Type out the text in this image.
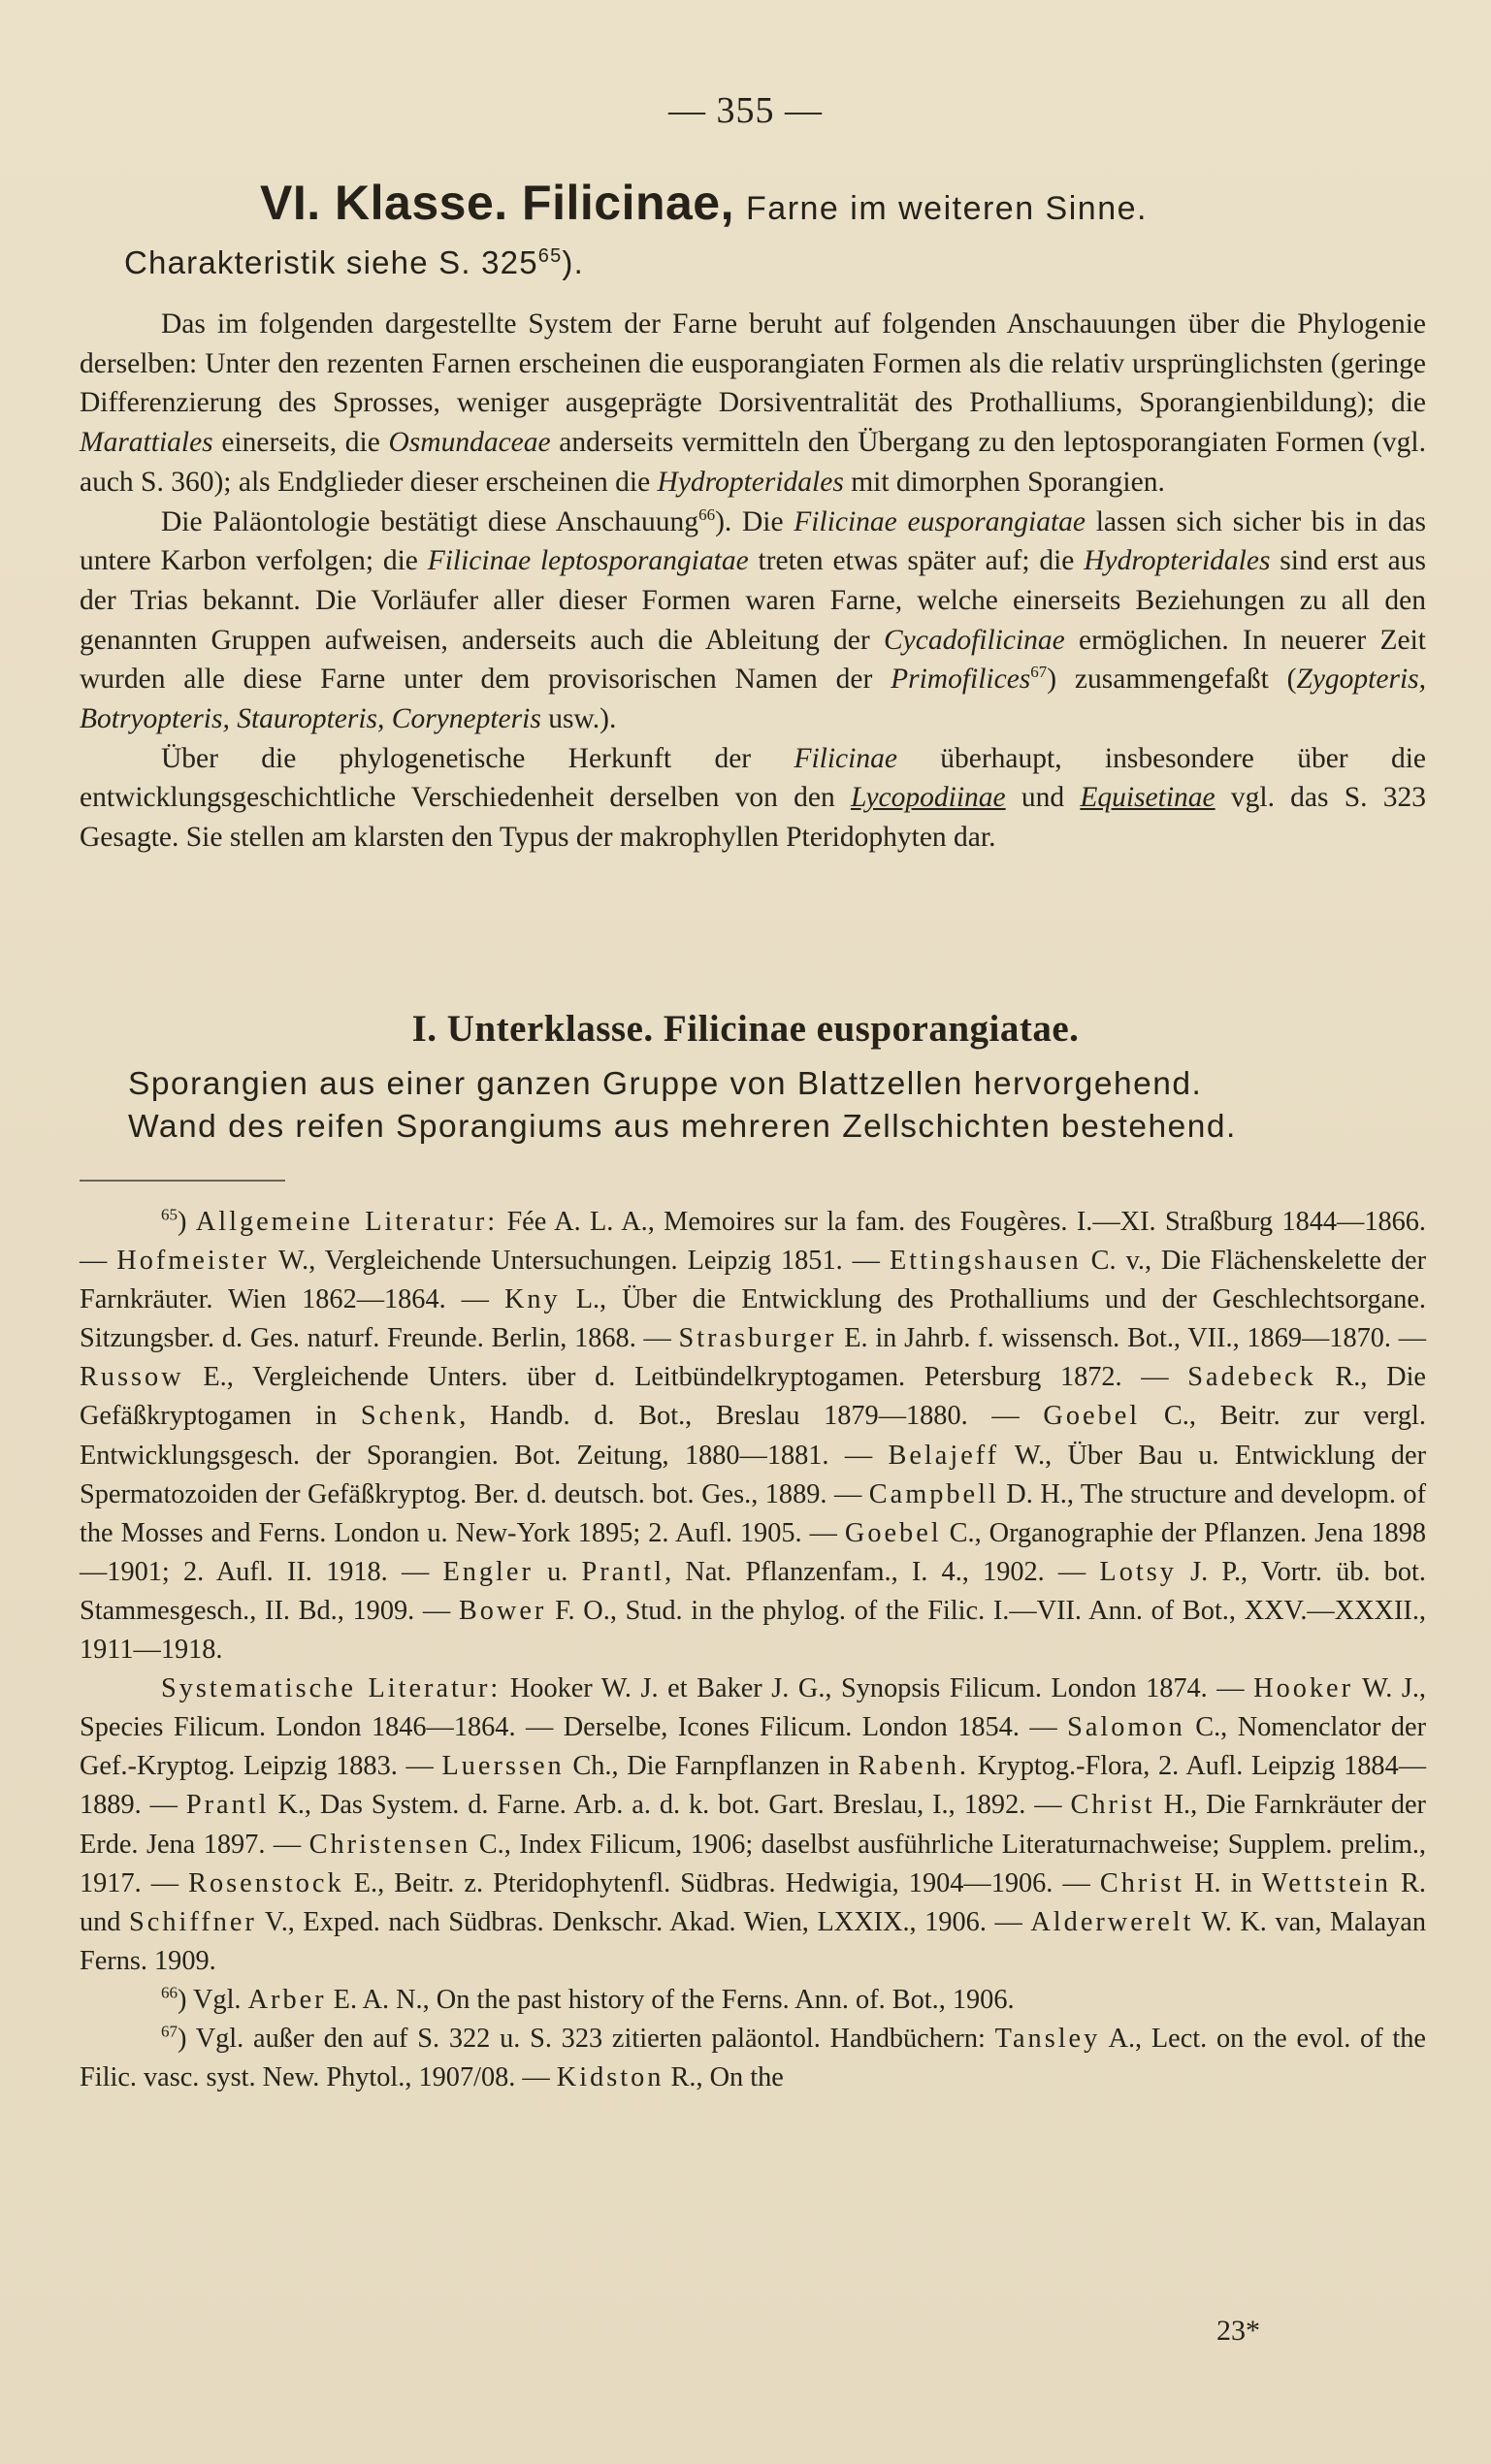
— 355 —
VI. Klasse. Filicinae, Farne im weiteren Sinne.
Charakteristik siehe S. $325^{65}$).

Das im folgenden dargestellte System der Farne beruht auf folgenden Anschauungen über die Phylogenie derselben: Unter den rezenten Farnen erscheinen die eusporangiaten Formen als die relativ ursprünglichsten (geringe Differenzierung des Sprosses, weniger ausgeprägte Dorsiventralität des Prothalliums, Sporangienbildung); die Marattiales einerseits, die Osmundaceae anderseits vermitteln den Übergang zu den leptosporangiaten Formen (vgl. auch S. 360); als Endglieder dieser erscheinen die Hydropteridales mit dimorphen Sporangien.

Die Paläontologie bestätigt diese Anschauung$^{66}$). Die Filicinae eusporangiatae lassen sich sicher bis in das untere Karbon verfolgen; die Filicinae leptosporangiatae treten etwas später auf; die Hydropteridales sind erst aus der Trias bekannt. Die Vorläufer aller dieser Formen waren Farne, welche einerseits Beziehungen zu all den genannten Gruppen aufweisen, anderseits auch die Ableitung der Cycadofilicinae ermöglichen. In neuerer Zeit wurden alle diese Farne unter dem provisorischen Namen der Primofilices$^{67}$) zusammengefaßt (Zygopteris, Botryopteris, Stauropteris, Corynepteris usw.).

Über die phylogenetische Herkunft der Filicinae überhaupt, insbesondere über die entwicklungsgeschichtliche Verschiedenheit derselben von den Lycopodiinae und Equisetinae vgl. das S. 323 Gesagte. Sie stellen am klarsten den Typus der makrophyllen Pteridophyten dar.

I. Unterklasse. Filicinae eusporangiatae.
Sporangien aus einer ganzen Gruppe von Blattzellen hervorgehend.
Wand des reifen Sporangiums aus mehreren Zellschichten bestehend.

$^{65}$) Allgemeine Literatur: Fée A. L. A., Memoires sur la fam. des Fougères. I.—XI. Straßburg 1844—1866. — Hofmeister W., Vergleichende Untersuchungen. Leipzig 1851. — Ettingshausen C. v., Die Flächenskelette der Farnkräuter. Wien 1862—1864. — Kny L., Über die Entwicklung des Prothalliums und der Geschlechtsorgane. Sitzungsber. d. Ges. naturf. Freunde. Berlin, 1868. — Strasburger E. in Jahrb. f. wissensch. Bot., VII., 1869—1870. — Russow E., Vergleichende Unters. über d. Leitbündelkryptogamen. Petersburg 1872. — Sadebeck R., Die Gefäßkryptogamen in Schenk, Handb. d. Bot., Breslau 1879—1880. — Goebel C., Beitr. zur vergl. Entwicklungsgesch. der Sporangien. Bot. Zeitung, 1880—1881. — Belajeff W., Über Bau u. Entwicklung der Spermatozoiden der Gefäßkryptog. Ber. d. deutsch. bot. Ges., 1889. — Campbell D. H., The structure and developm. of the Mosses and Ferns. London u. New-York 1895; 2. Aufl. 1905. — Goebel C., Organographie der Pflanzen. Jena 1898—1901; 2. Aufl. II. 1918. — Engler u. Prantl, Nat. Pflanzenfam., I. 4., 1902. — Lotsy J. P., Vortr. üb. bot. Stammesgesch., II. Bd., 1909. — Bower F. O., Stud. in the phylog. of the Filic. I.—VII. Ann. of Bot., XXV.—XXXII., 1911—1918.

Systematische Literatur: Hooker W. J. et Baker J. G., Synopsis Filicum. London 1874. — Hooker W. J., Species Filicum. London 1846—1864. — Derselbe, Icones Filicum. London 1854. — Salomon C., Nomenclator der Gef.-Kryptog. Leipzig 1883. — Luerssen Ch., Die Farnpflanzen in Rabenh. Kryptog.-Flora, 2. Aufl. Leipzig 1884—1889. — Prantl K., Das System. d. Farne. Arb. a. d. k. bot. Gart. Breslau, I., 1892. — Christ H., Die Farnkräuter der Erde. Jena 1897. — Christensen C., Index Filicum, 1906; daselbst ausführliche Literaturnachweise; Supplem. prelim., 1917. — Rosenstock E., Beitr. z. Pteridophytenfl. Südbras. Hedwigia, 1904—1906. — Christ H. in Wettstein R. und Schiffner V., Exped. nach Südbras. Denkschr. Akad. Wien, LXXIX., 1906. — Alderwerelt W. K. van, Malayan Ferns. 1909.

$^{66}$) Vgl. Arber E. A. N., On the past history of the Ferns. Ann. of. Bot., 1906.

$^{67}$) Vgl. außer den auf S. 322 u. S. 323 zitierten paläontol. Handbüchern: Tansley A., Lect. on the evol. of the Filic. vasc. syst. New. Phytol., 1907/08. — Kidston R., On the

23*
